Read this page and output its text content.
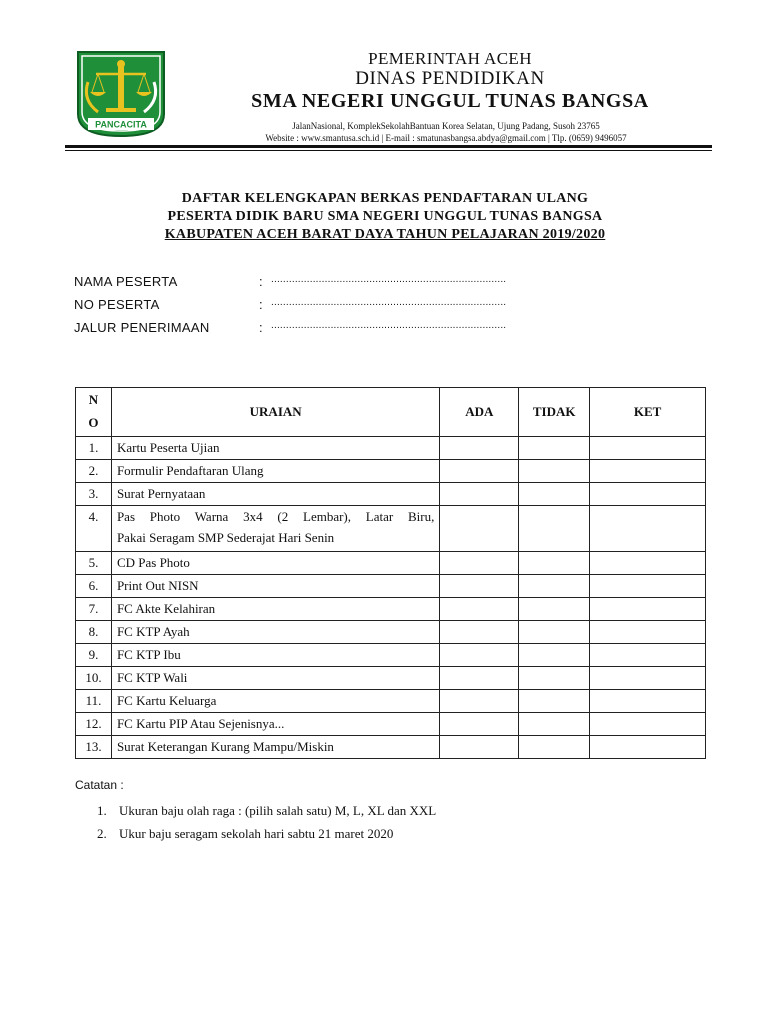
PANCACITA
PEMERINTAH ACEH
DINAS PENDIDIKAN
SMA NEGERI UNGGUL TUNAS BANGSA
JalanNasional, KomplekSekolahBantuan Korea Selatan, Ujung Padang, Susoh 23765
Website : www.smantusa.sch.id | E-mail : smatunasbangsa.abdya@gmail.com | Tlp. (0659) 9496057
DAFTAR KELENGKAPAN BERKAS PENDAFTARAN ULANG
PESERTA DIDIK BARU SMA NEGERI UNGGUL TUNAS BANGSA
KABUPATEN ACEH BARAT DAYA TAHUN PELAJARAN 2019/2020
NAMA PESERTA	: ...............................................................................
NO PESERTA	: ...............................................................................
JALUR PENERIMAAN	: ...............................................................................
N
O	URAIAN	ADA	TIDAK	KET
1.	Kartu Peserta Ujian			
2.	Formulir Pendaftaran Ulang			
3.	Surat Pernyataan			
4.	Pas Photo Warna 3x4 (2 Lembar), Latar Biru,
Pakai Seragam SMP Sederajat Hari Senin			
5.	CD Pas Photo			
6.	Print Out NISN			
7.	FC Akte Kelahiran			
8.	FC KTP Ayah			
9.	FC KTP Ibu			
10.	FC KTP Wali			
11.	FC Kartu Keluarga			
12.	FC Kartu PIP Atau Sejenisnya...			
13.	Surat Keterangan Kurang Mampu/Miskin			
Catatan :
1. Ukuran baju olah raga : (pilih salah satu) M, L, XL dan XXL
2. Ukur baju seragam sekolah hari sabtu 21 maret 2020
